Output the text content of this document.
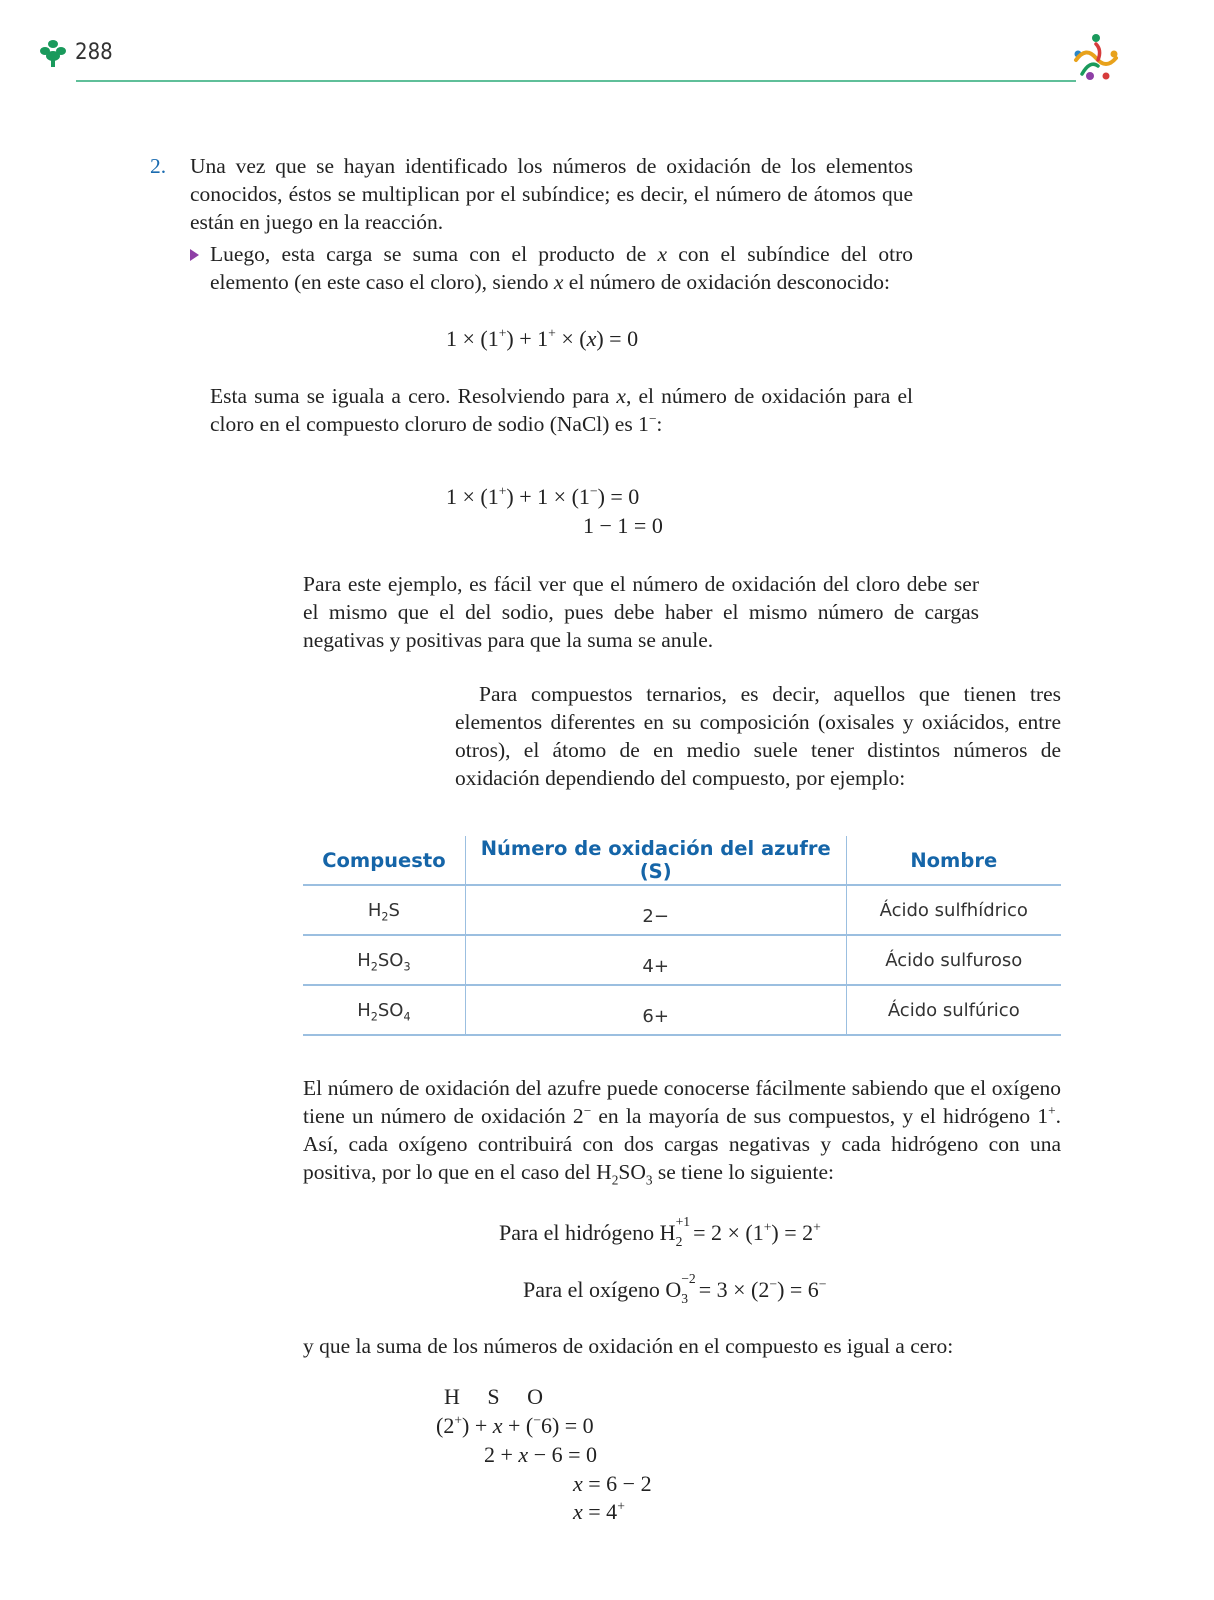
288
2. Una vez que se hayan identificado los números de oxidación de los elementos conocidos, éstos se multiplican por el subíndice; es decir, el número de átomos que están en juego en la reacción.
Luego, esta carga se suma con el producto de x con el subíndice del otro elemento (en este caso el cloro), siendo x el número de oxidación desconocido:
1 × (1+) + 1+ × (x) = 0
Esta suma se iguala a cero. Resolviendo para x, el número de oxidación para el cloro en el compuesto cloruro de sodio (NaCl) es 1−:
1 × (1+) + 1 × (1−) = 0
1 − 1 = 0
Para este ejemplo, es fácil ver que el número de oxidación del cloro debe ser el mismo que el del sodio, pues debe haber el mismo número de cargas negativas y positivas para que la suma se anule.
Para compuestos ternarios, es decir, aquellos que tienen tres elementos diferentes en su composición (oxisales y oxiácidos, entre otros), el átomo de en medio suele tener distintos números de oxidación dependiendo del compuesto, por ejemplo:
Compuesto	Número de oxidación del azufre (S)	Nombre
$H_2S$	2−	Ácido sulfhídrico
$H_2SO_3$	4+	Ácido sulfuroso
$H_2SO_4$	6+	Ácido sulfúrico
El número de oxidación del azufre puede conocerse fácilmente sabiendo que el oxígeno tiene un número de oxidación 2− en la mayoría de sus compuestos, y el hidrógeno 1+. Así, cada oxígeno contribuirá con dos cargas negativas y cada hidrógeno con una positiva, por lo que en el caso del $H_2SO_3$ se tiene lo siguiente:
Para el hidrógeno H +1
2 = 2 × (1+) = 2+
Para el oxígeno O −2
3 = 3 × (2−) = 6−
y que la suma de los números de oxidación en el compuesto es igual a cero:
H S O
(2+) + x + (−6) = 0
2 + x − 6 = 0
x = 6 − 2
x = 4+
